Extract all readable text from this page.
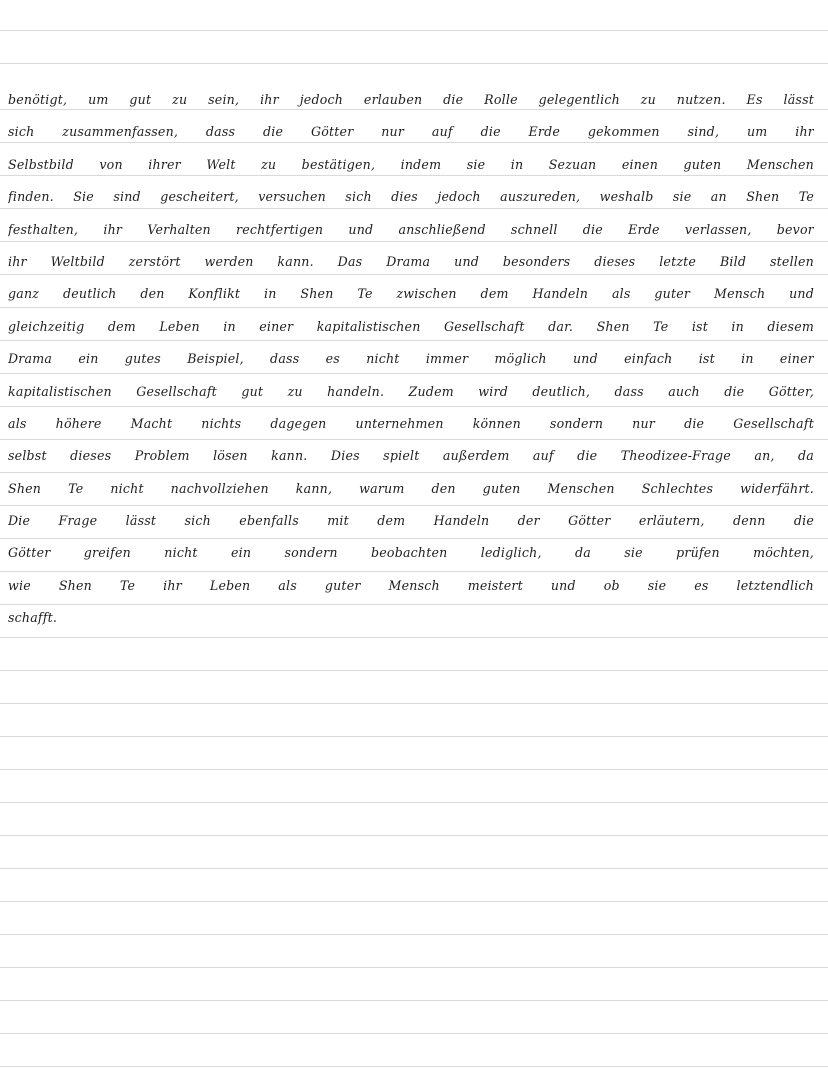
benötigt, um gut zu sein, ihr jedoch erlauben die Rolle gelegentlich zu nutzen. Es lässt
sich zusammenfassen, dass die Götter nur auf die Erde gekommen sind, um ihr
Selbstbild von ihrer Welt zu bestätigen, indem sie in Sezuan einen guten Menschen
finden. Sie sind gescheitert, versuchen sich dies jedoch auszureden, weshalb sie an Shen Te
festhalten, ihr Verhalten rechtfertigen und anschließend schnell die Erde verlassen, bevor
ihr Weltbild zerstört werden kann. Das Drama und besonders dieses letzte Bild stellen
ganz deutlich den Konflikt in Shen Te zwischen dem Handeln als guter Mensch und
gleichzeitig dem Leben in einer kapitalistischen Gesellschaft dar. Shen Te ist in diesem
Drama ein gutes Beispiel, dass es nicht immer möglich und einfach ist in einer
kapitalistischen Gesellschaft gut zu handeln. Zudem wird deutlich, dass auch die Götter,
als höhere Macht nichts dagegen unternehmen können sondern nur die Gesellschaft
selbst dieses Problem lösen kann. Dies spielt außerdem auf die Theodizee-Frage an, da
Shen Te nicht nachvollziehen kann, warum den guten Menschen Schlechtes widerfährt.
Die Frage lässt sich ebenfalls mit dem Handeln der Götter erläutern, denn die
Götter greifen nicht ein sondern beobachten lediglich, da sie prüfen möchten,
wie Shen Te ihr Leben als guter Mensch meistert und ob sie es letztendlich
schafft.
